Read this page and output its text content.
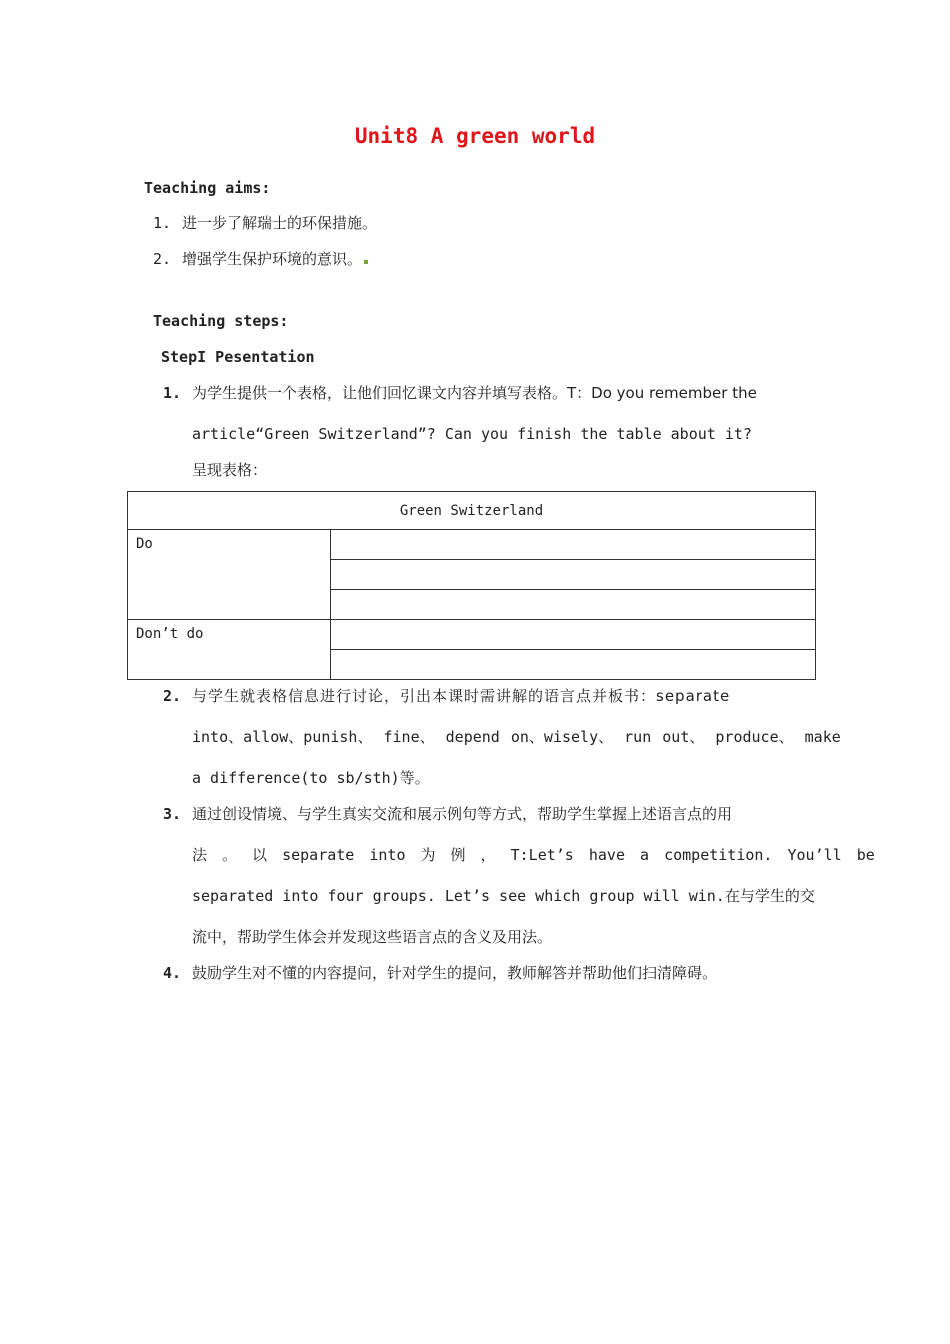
Unit8 A green world
Teaching aims:
1. 进一步了解瑞士的环保措施。
2. 增强学生保护环境的意识。
Teaching steps:
StepI Pesentation
1. 为学生提供一个表格，让他们回忆课文内容并填写表格。T：Do you remember the
article“Green Switzerland”? Can you finish the table about it?
呈现表格：
Green Switzerland	
Do	

Don’t do	

2. 与学生就表格信息进行讨论，引出本课时需讲解的语言点并板书：separate
into、allow、punish、 fine、 depend on、wisely、 run out、 produce、 make
a difference(to sb/sth)等。
3. 通过创设情境、与学生真实交流和展示例句等方式，帮助学生掌握上述语言点的用
法 。 以 separate into 为 例 ， T:Let’s have a competition. You’ll be
separated into four groups. Let’s see which group will win.在与学生的交
流中，帮助学生体会并发现这些语言点的含义及用法。
4. 鼓励学生对不懂的内容提问，针对学生的提问，教师解答并帮助他们扫清障碍。
